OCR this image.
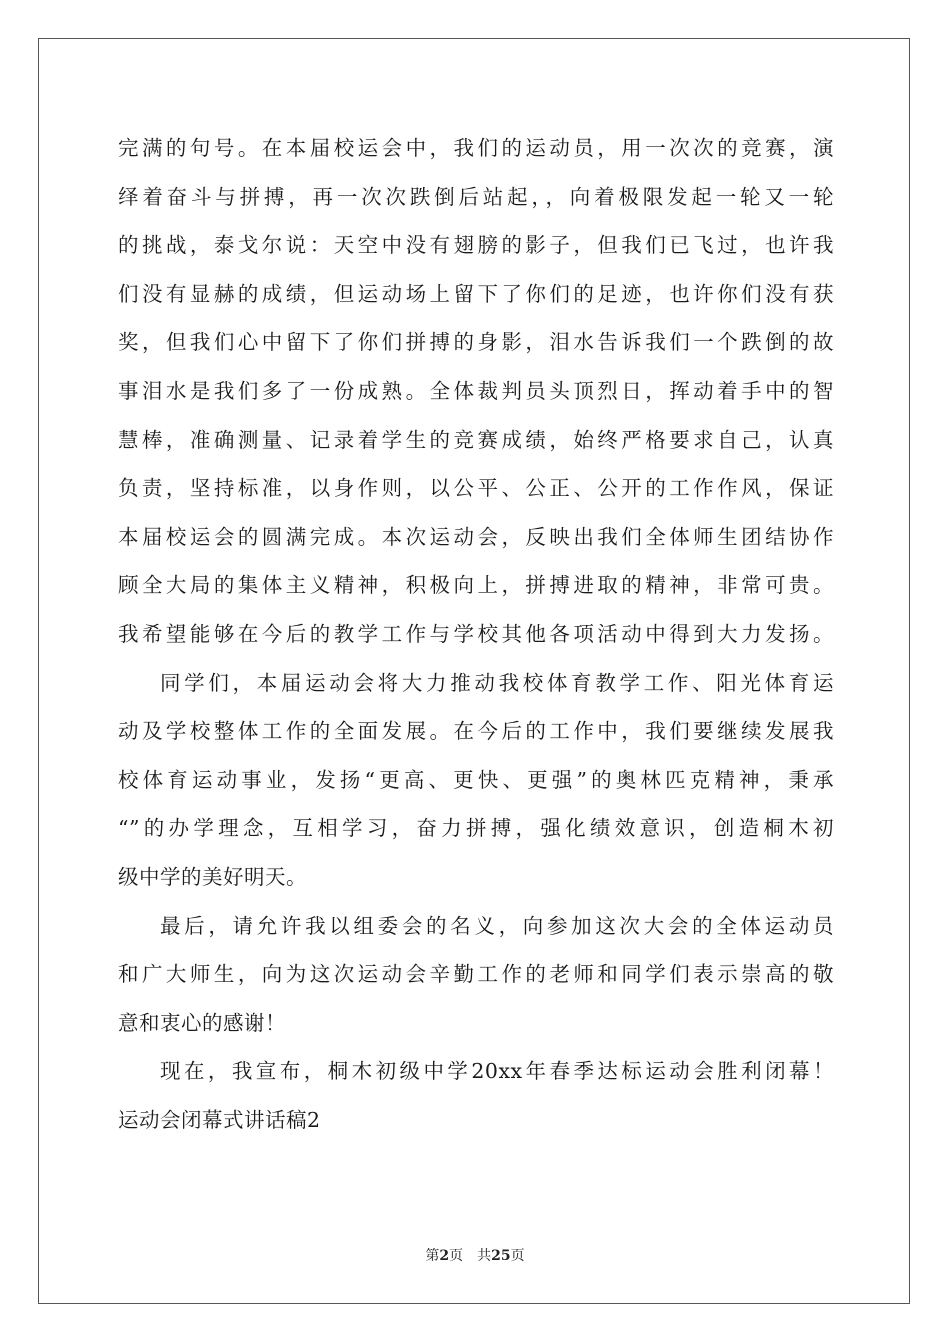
完满的句号。在本届校运会中，我们的运动员，用一次次的竞赛，演
绎着奋斗与拼搏，再一次次跌倒后站起，，向着极限发起一轮又一轮
的挑战，泰戈尔说：天空中没有翅膀的影子，但我们已飞过，也许我
们没有显赫的成绩，但运动场上留下了你们的足迹，也许你们没有获
奖，但我们心中留下了你们拼搏的身影，泪水告诉我们一个跌倒的故
事泪水是我们多了一份成熟。全体裁判员头顶烈日，挥动着手中的智
慧棒，准确测量、记录着学生的竞赛成绩，始终严格要求自己，认真
负责，坚持标准，以身作则，以公平、公正、公开的工作作风，保证
本届校运会的圆满完成。本次运动会，反映出我们全体师生团结协作
顾全大局的集体主义精神，积极向上，拼搏进取的精神，非常可贵。
我希望能够在今后的教学工作与学校其他各项活动中得到大力发扬。
同学们，本届运动会将大力推动我校体育教学工作、阳光体育运
动及学校整体工作的全面发展。在今后的工作中，我们要继续发展我
校体育运动事业，发扬“更高、更快、更强”的奥林匹克精神，秉承
“”的办学理念，互相学习，奋力拼搏，强化绩效意识，创造桐木初
级中学的美好明天。
最后，请允许我以组委会的名义，向参加这次大会的全体运动员
和广大师生，向为这次运动会辛勤工作的老师和同学们表示崇高的敬
意和衷心的感谢！
现在，我宣布，桐木初级中学20xx年春季达标运动会胜利闭幕！
运动会闭幕式讲话稿2
第2页 共25页
